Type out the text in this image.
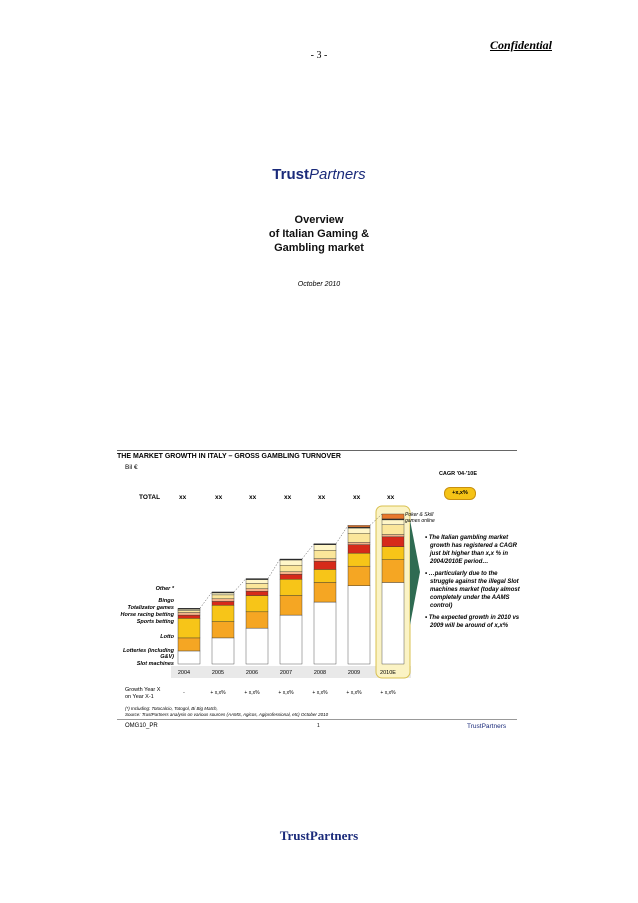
Confidential
- 3 -
TrustPartners
Overview
of Italian Gaming &
Gambling market
October 2010
THE MARKET GROWTH IN ITALY – GROSS GAMBLING TURNOVER
Bil €
CAGR '04-'10E
+x,x%
TOTAL	xx	xx	xx	xx	xx	xx	xx
Poker & Skill games online
Other *
Bingo
Totalizator games
Horse racing betting
Sports betting
Lotto
Lotteries (including G&V)
Slot machines
2004	2005	2006	2007	2008	2009	2010E
Growth Year X on Year X-1
-	+ x,x%	+ x,x%	+ x,x%	+ x,x%	+ x,x%	+ x,x%
• The Italian gambling market growth has registered a CAGR just bit higher than x,x % in 2004/2010E period…
• …particularly due to the struggle against the illegal Slot machines market (today almost completely under the AAMS control)
• The expected growth in 2010 vs 2009 will be around of x,x%
(*) Including: Totocalcio, Totogol, Bi Big Match,
Source: TrustPartners analysis on various sources (AAMS, Agicos, Agiprofessional, etc) October 2010
OMG10_PR	1	TrustPartners
TrustPartners
